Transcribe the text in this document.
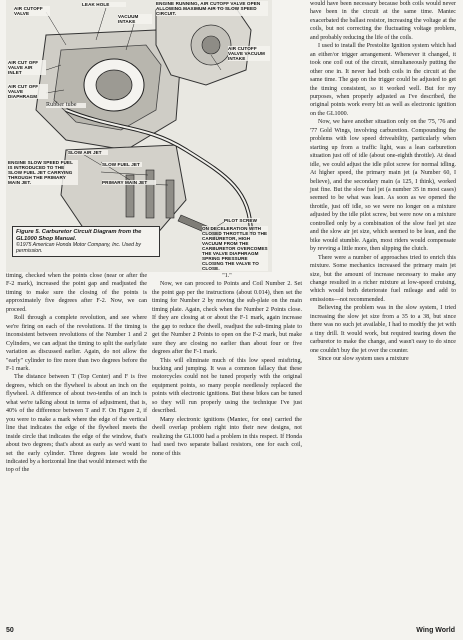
LEAK HOLE
AIR CUTOFF VALVE
VACUUM INTAKE
ENGINE RUNNING, AIR CUTOFF VALVE OPEN ALLOWING MAXIMUM AIR TO SLOW SPEED CIRCUIT.
AIR CUTOFF VALVE VACUUM INTAKE
AIR CUT OFF VALVE AIR INLET
AIR CUT OFF VALVE DIAPHRAGM
Rubber tube
SLOW AIR JET
ENGINE SLOW SPEED FUEL IS INTRODUCED TO THE SLOW FUEL JET CARRYING THROUGH THE PRIMARY MAIN JET.
SLOW FUEL JET
PRIMARY MAIN JET
PILOT SCREW
ON DECELERATION WITH CLOSED THROTTLE TO THE CARBURETOR, HIGH VACUUM FROM THE CARBURETOR OVERCOMES THE VALVE DIAPHRAGM SPRING PRESSURE CLOSING THE VALVE TO CLOSE.
Figure 5. Carburetor Circuit Diagram from the GL1000 Shop Manual.
©1975 American Honda Motor Company, Inc. Used by permission.

timing, checked when the points close (near or after the F-2 mark), increased the point gap and readjusted the timing to make sure the closing of the points is approximately five degrees after F-2. Now, we can proceed.

Roll through a complete revolution, and see where we're firing on each of the revolutions. If the timing is inconsistent between revolutions of the Number 1 and 2 Cylinders, we can adjust the timing to split the early/late variation as discussed earlier. Again, do not allow the "early" cylinder to fire more than two degrees before the F-1 mark.

The distance between T (Top Center) and F is five degrees, which on the flywheel is about an inch on the flywheel. A difference of about two-tenths of an inch is what we're talking about in terms of adjustment, that is, 40% of the difference between T and F. On Figure 2, if you were to make a mark where the edge of the vertical line that indicates the edge of the flywheel meets the inside circle that indicates the edge of the window, that's about two degrees; that's about as early as we'd want to set the early cylinder. Three degrees late would be indicated by a horizontal line that would intersect with the top of the

"1."

Now, we can proceed to Points and Coil Number 2. Set the point gap per the instructions (about 0.014), then set the timing for Number 2 by moving the sub-plate on the main timing plate. Again, check when the Number 2 Points close. If they are closing at or about the F-1 mark, again increase the gap to reduce the dwell, readjust the sub-timing plate to get the Number 2 Points to open on the F-2 mark, but make sure they are closing no earlier than about four or five degrees after the F-1 mark.

This will eliminate much of this low speed misfiring, bucking and jumping. It was a common fallacy that these motorcycles could not be tuned properly with the original equipment points, so many people needlessly replaced the points with electronic ignitions. But these bikes can be tuned so they will run properly using the technique I've just described.

Many electronic ignitions (Mantec, for one) carried the dwell overlap problem right into their new designs, not realizing the GL1000 had a problem in this respect. If Honda had used two separate ballast resistors, one for each coil, none of this

would have been necessary because both coils would never have been in the circuit at the same time. Mantec exacerbated the ballast resistor, increasing the voltage at the coils, but not correcting the fluctuating voltage problem, and probably reducing the life of the coils.

I used to install the Prestolite Ignition system which had an either/or trigger arrangement. Whenever it changed, it took one coil out of the circuit, simultaneously putting the other one in. It never had both coils in the circuit at the same time. The gap on the trigger could be adjusted to get the timing consistent, so it worked well. But for my purposes, when properly adjusted as I've described, the original points work every bit as well as electronic ignition on the GL1000.

Now, we have another situation only on the '75, '76 and '77 Gold Wings, involving carburetion. Compounding the problems with low speed driveability, particularly when starting up from a traffic light, was a lean carburetion situation just off of idle (about one-eighth throttle). At dead idle, we could adjust the idle pilot screw for normal idling. At higher speed, the primary main jet (a Number 60, I believe), and the secondary main (a 125, I think), worked just fine. But the slow fuel jet (a number 35 in most cases) seemed to be what was lean. As soon as we opened the throttle, just off idle, so we were no longer on a mixture adjusted by the idle pilot screw, but were now on a mixture controlled only by a combination of the slow fuel jet size and the slow air jet size, which seemed to be lean, and the bike would stumble. Again, most riders would compensate by revving a little more, then slipping the clutch.

There were a number of approaches tried to enrich this mixture. Some mechanics increased the primary main jet size, but the amount of increase necessary to make any change resulted in a richer mixture at low-speed cruising, which would both deteriorate fuel mileage and add to emissions—not recommended.

Believing the problem was in the slow system, I tried increasing the slow jet size from a 35 to a 38, but since there was no such jet available, I had to modify the jet with a tiny drill. It would work, but required tearing down the carburetor to make the change, and wasn't easy to do since one couldn't buy the jet over the counter.

Since our slow system uses a mixture

50	Wing World
